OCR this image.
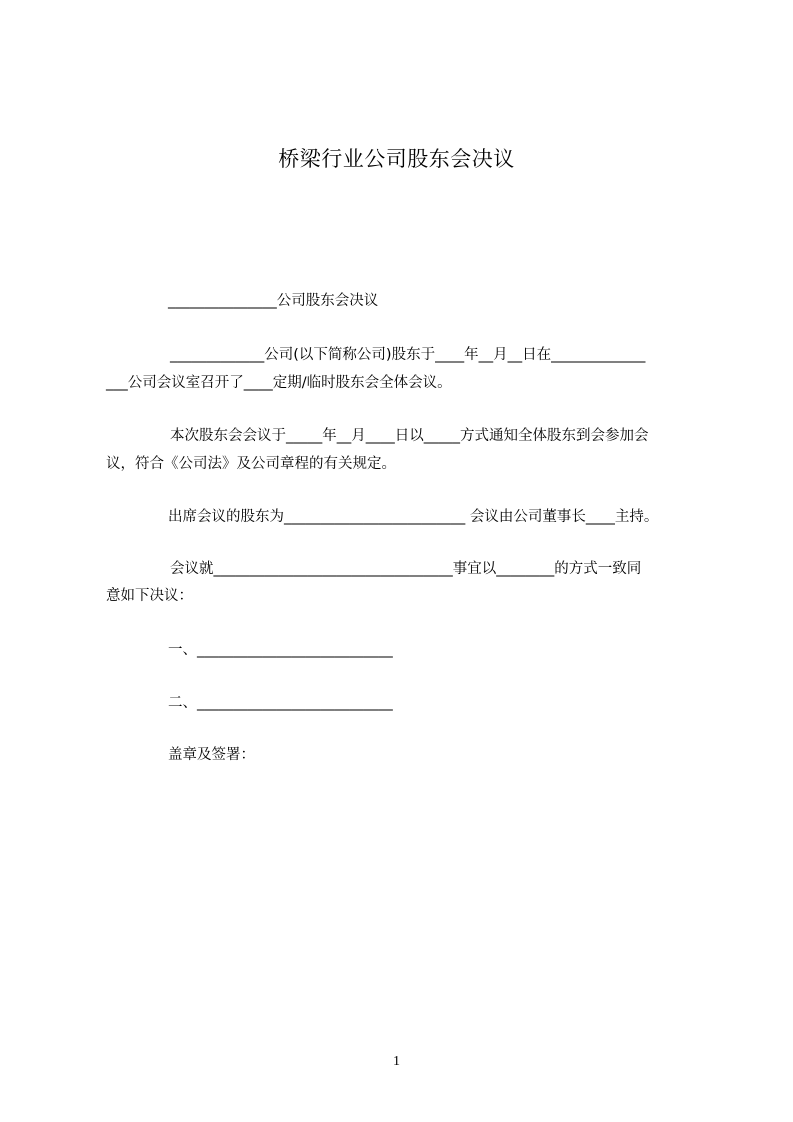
桥梁行业公司股东会决议
_______________公司股东会决议
_____________公司(以下简称公司)股东于____年__月__日在_____________
___公司会议室召开了____定期/临时股东会全体会议。
本次股东会会议于_____年__月____日以_____方式通知全体股东到会参加会
议，符合《公司法》及公司章程的有关规定。
出席会议的股东为_________________________ 会议由公司董事长____主持。
会议就_________________________________事宜以________的方式一致同
意如下决议：
一、___________________________
二、___________________________
盖章及签署：
1
